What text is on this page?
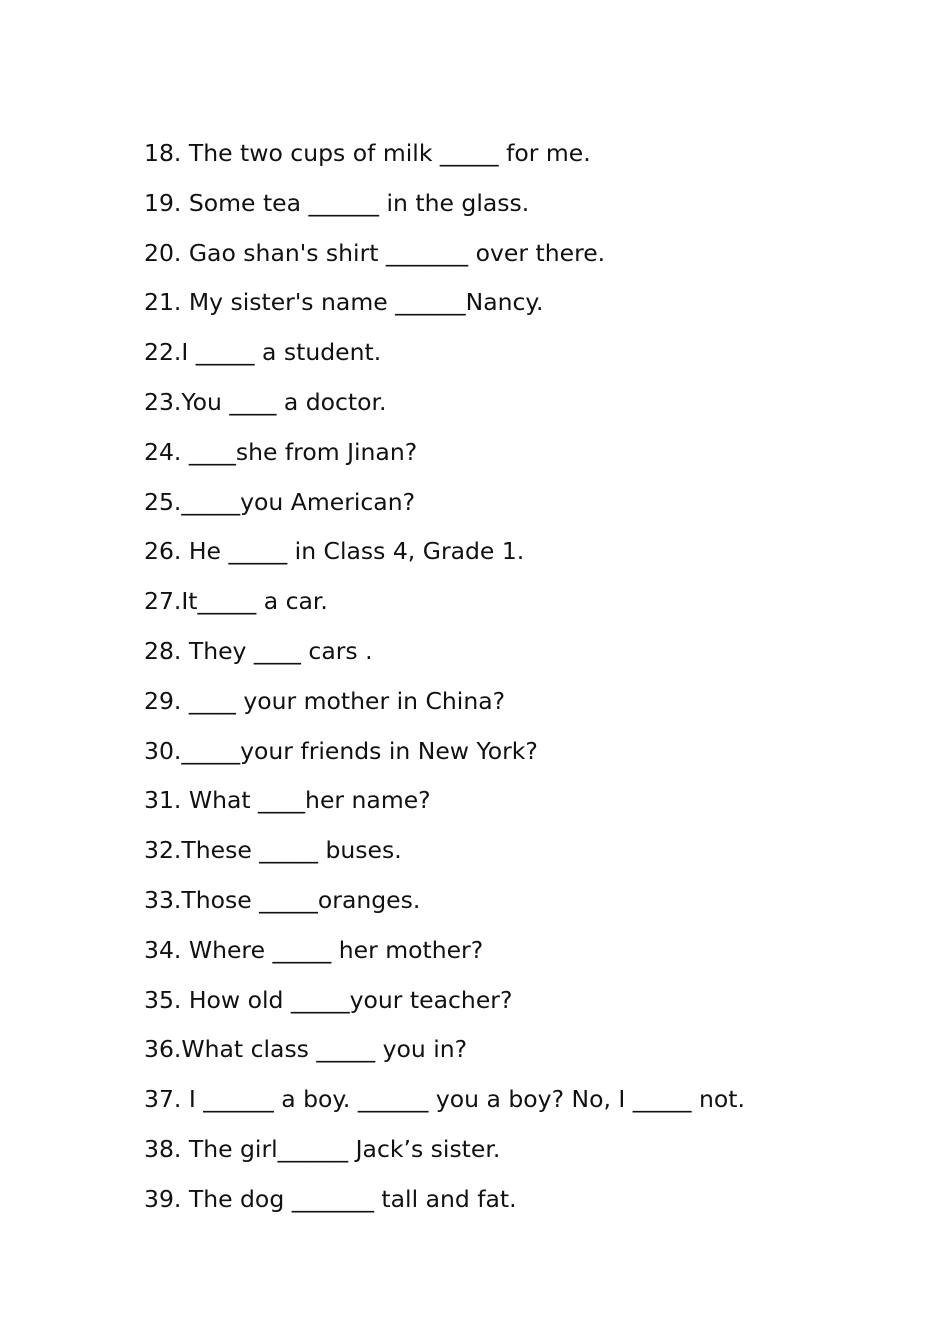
18. The two cups of milk _____ for me.
19. Some tea ______ in the glass.
20. Gao shan's shirt _______ over there.
21. My sister's name ______Nancy.
22.I _____ a student.
23.You ____ a doctor.
24. ____she from Jinan?
25._____you American?
26. He _____ in Class 4, Grade 1.
27.It_____ a car.
28. They ____ cars .
29. ____ your mother in China?
30._____your friends in New York?
31. What ____her name?
32.These _____ buses.
33.Those _____oranges.
34. Where _____ her mother?
35. How old _____your teacher?
36.What class _____ you in?
37. I ______ a boy. ______ you a boy? No, I _____ not.
38. The girl______ Jack’s sister.
39. The dog _______ tall and fat.
